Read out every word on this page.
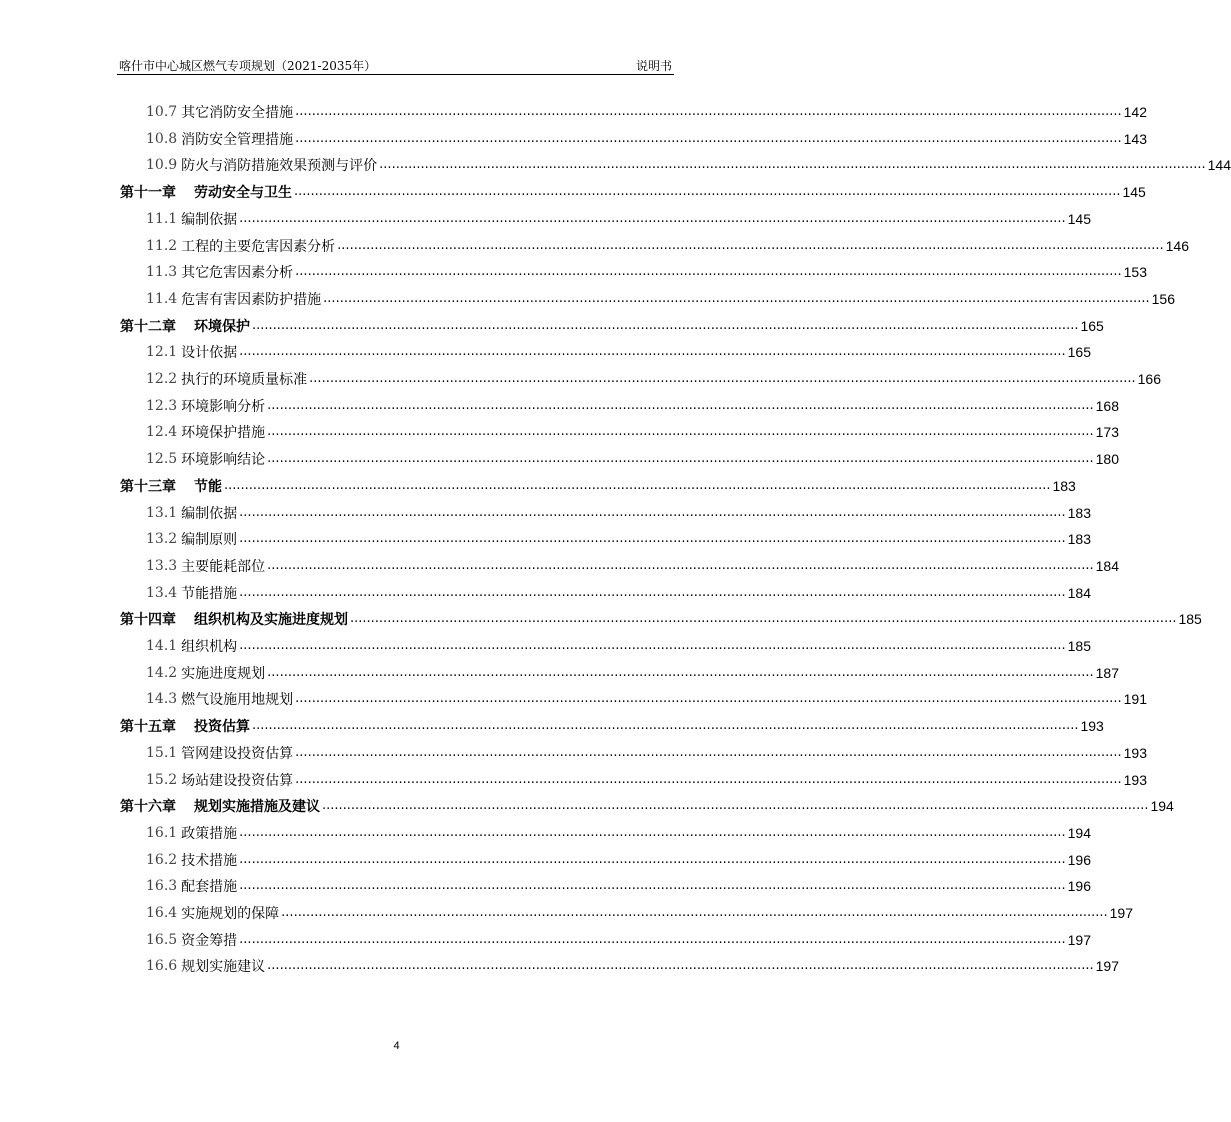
喀什市中心城区燃气专项规划（2021-2035年）	说明书
10.7 其它消防安全措施 ........................................................................................................................................................................................................ 142
10.8 消防安全管理措施 ........................................................................................................................................................................................................ 143
10.9 防火与消防措施效果预测与评价 ........................................................................................................................................................................................................ 144
第十一章 劳动安全与卫生 ........................................................................................................................................................................................................ 145
11.1 编制依据 ........................................................................................................................................................................................................ 145
11.2 工程的主要危害因素分析 ........................................................................................................................................................................................................ 146
11.3 其它危害因素分析 ........................................................................................................................................................................................................ 153
11.4 危害有害因素防护措施 ........................................................................................................................................................................................................ 156
第十二章 环境保护 ........................................................................................................................................................................................................ 165
12.1 设计依据 ........................................................................................................................................................................................................ 165
12.2 执行的环境质量标准 ........................................................................................................................................................................................................ 166
12.3 环境影响分析 ........................................................................................................................................................................................................ 168
12.4 环境保护措施 ........................................................................................................................................................................................................ 173
12.5 环境影响结论 ........................................................................................................................................................................................................ 180
第十三章 节能 ........................................................................................................................................................................................................ 183
13.1 编制依据 ........................................................................................................................................................................................................ 183
13.2 编制原则 ........................................................................................................................................................................................................ 183
13.3 主要能耗部位 ........................................................................................................................................................................................................ 184
13.4 节能措施 ........................................................................................................................................................................................................ 184
第十四章 组织机构及实施进度规划 ........................................................................................................................................................................................................ 185
14.1 组织机构 ........................................................................................................................................................................................................ 185
14.2 实施进度规划 ........................................................................................................................................................................................................ 187
14.3 燃气设施用地规划 ........................................................................................................................................................................................................ 191
第十五章 投资估算 ........................................................................................................................................................................................................ 193
15.1 管网建设投资估算 ........................................................................................................................................................................................................ 193
15.2 场站建设投资估算 ........................................................................................................................................................................................................ 193
第十六章 规划实施措施及建议 ........................................................................................................................................................................................................ 194
16.1 政策措施 ........................................................................................................................................................................................................ 194
16.2 技术措施 ........................................................................................................................................................................................................ 196
16.3 配套措施 ........................................................................................................................................................................................................ 196
16.4 实施规划的保障 ........................................................................................................................................................................................................ 197
16.5 资金筹措 ........................................................................................................................................................................................................ 197
16.6 规划实施建议 ........................................................................................................................................................................................................ 197
4
